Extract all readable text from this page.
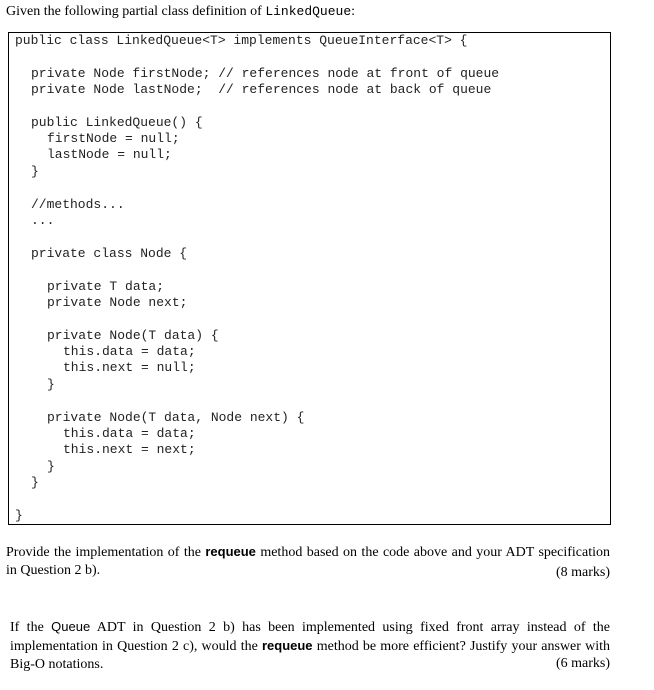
Given the following partial class definition of LinkedQueue:
public class LinkedQueue<T> implements QueueInterface<T> {
private Node firstNode; // references node at front of queue
private Node lastNode;  // references node at back of queue
public LinkedQueue() {
firstNode = null;
lastNode = null;
}
//methods...
...
private class Node {
private T data;
private Node next;
private Node(T data) {
this.data = data;
this.next = null;
}
private Node(T data, Node next) {
this.data = data;
this.next = next;
}
}
}
Provide the implementation of the requeue method based on the code above and your ADT specification in Question 2 b).	(8 marks)
If the Queue ADT in Question 2 b) has been implemented using fixed front array instead of the implementation in Question 2 c), would the requeue method be more efficient? Justify your answer with Big-O notations.	(6 marks)
